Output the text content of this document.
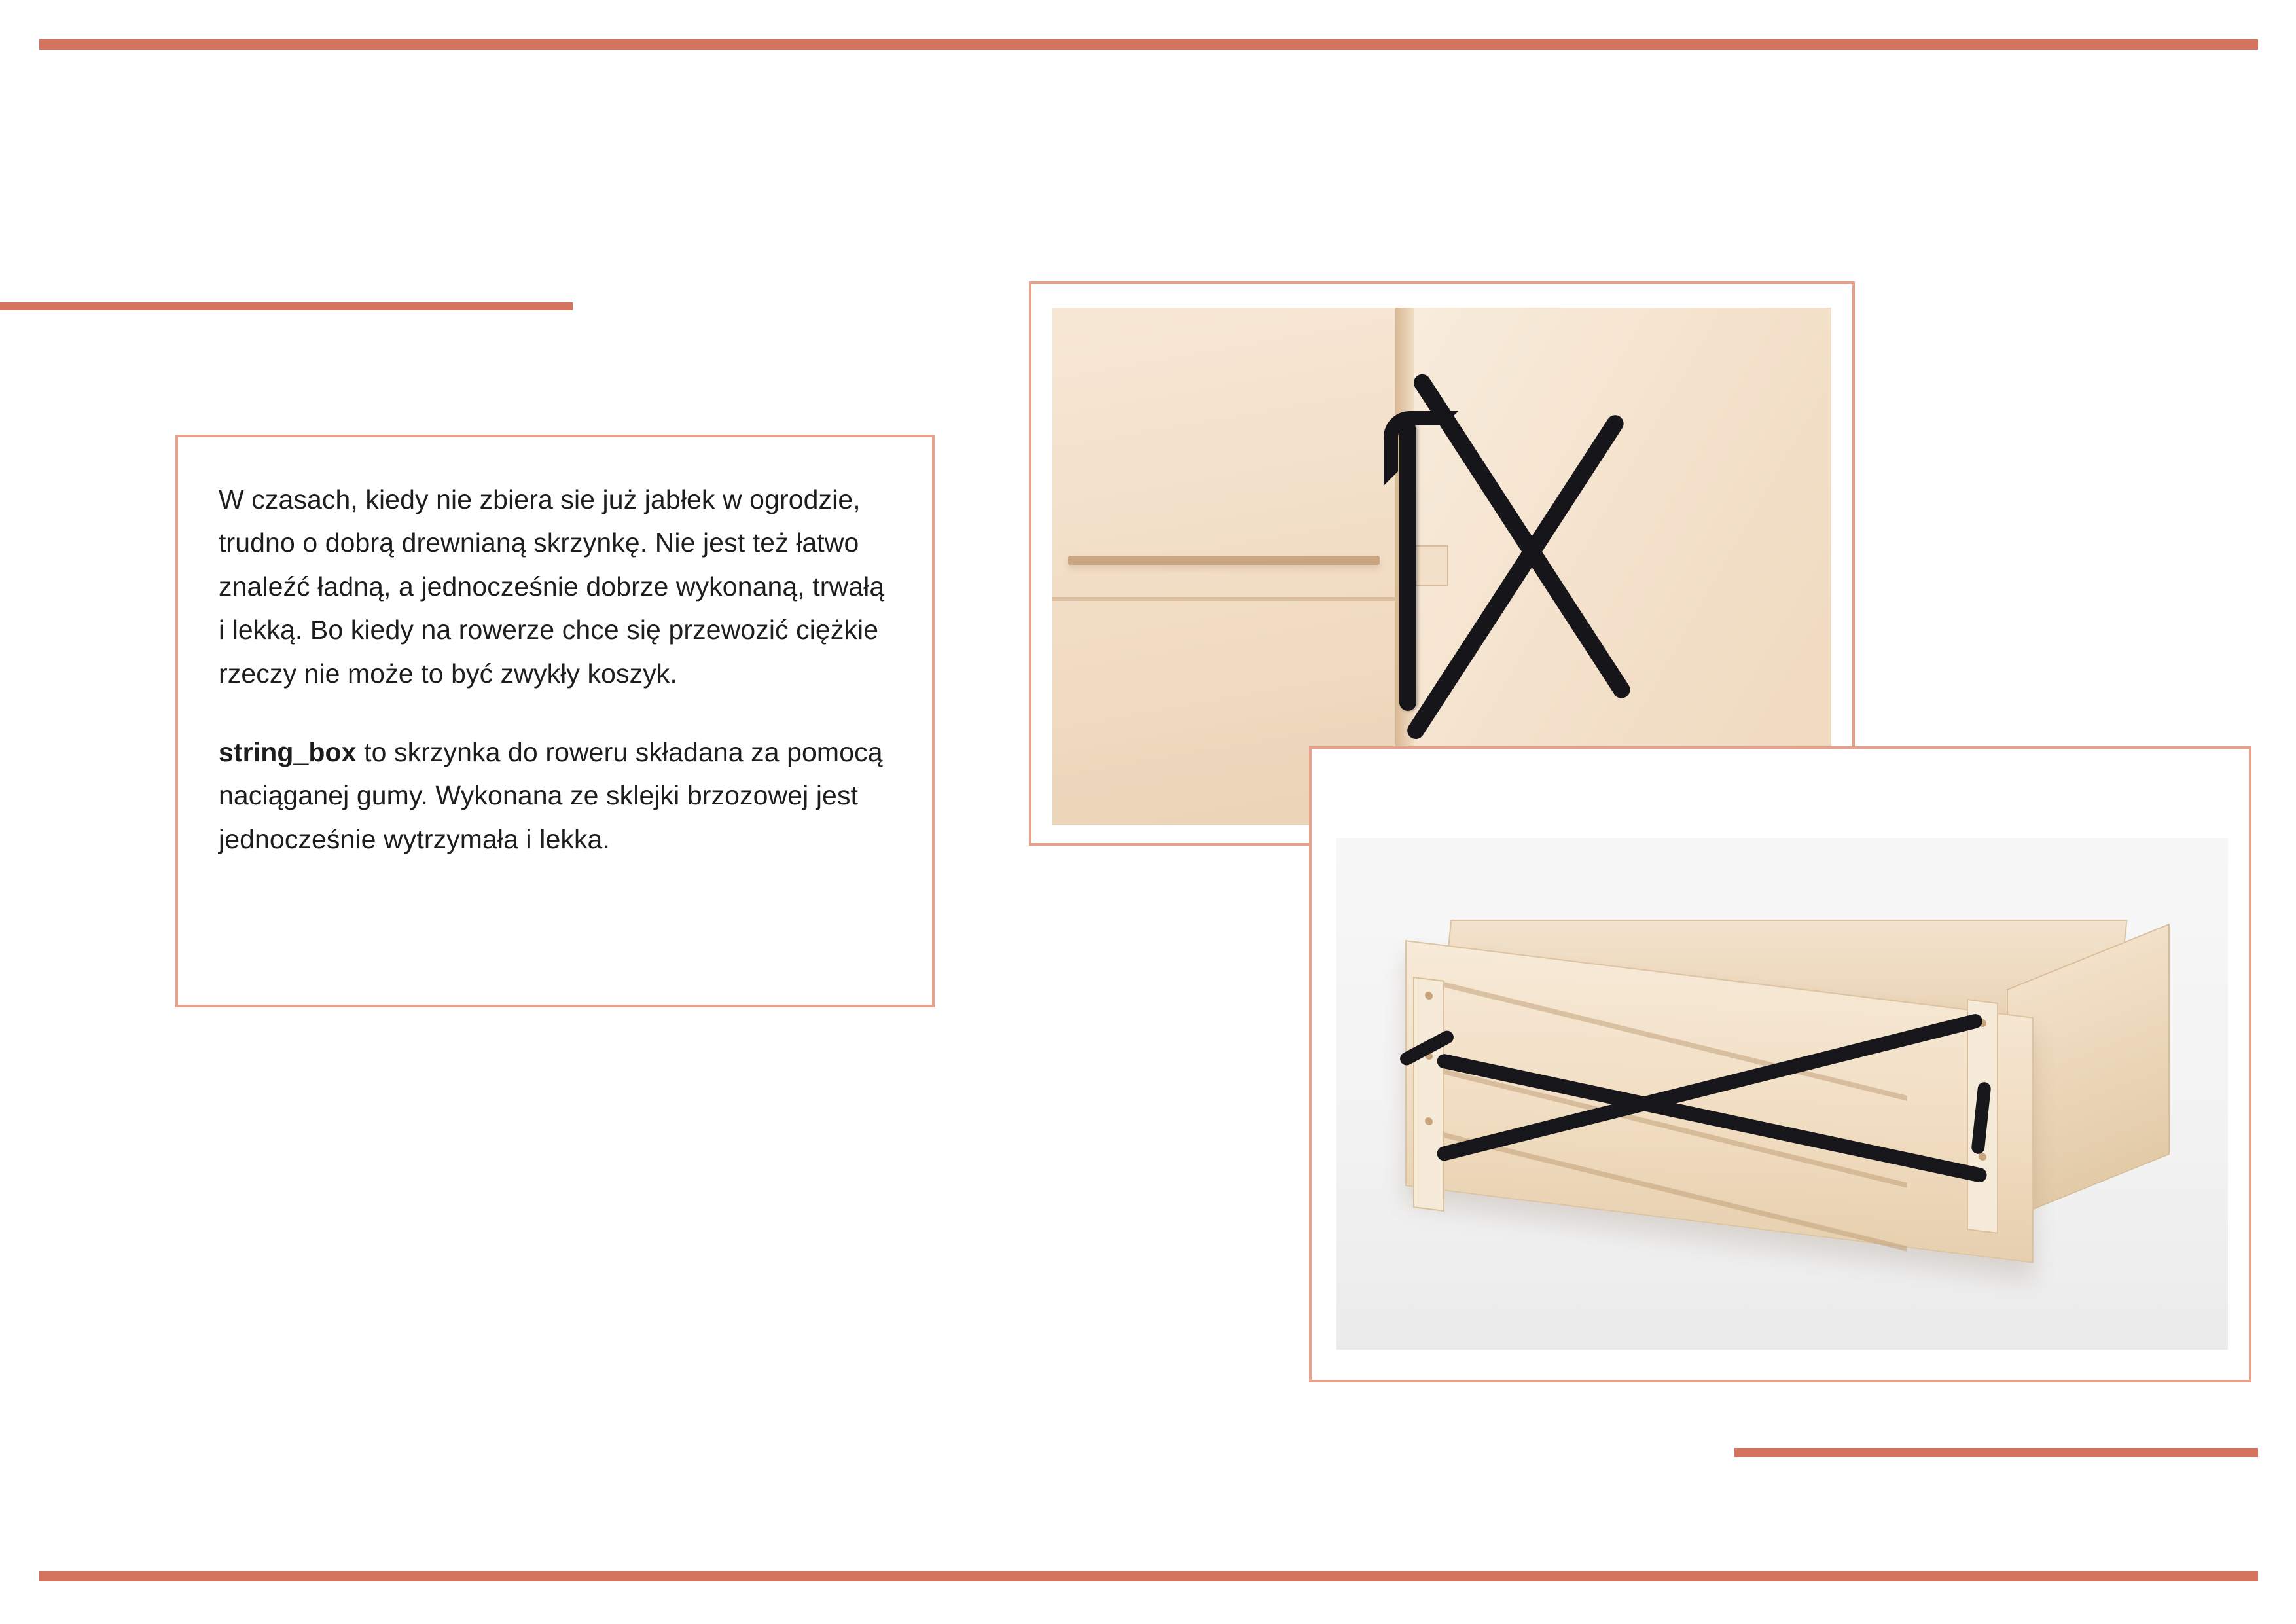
W czasach, kiedy nie zbiera sie już jabłek w ogrodzie, trudno o dobrą drewnianą skrzynkę. Nie jest też łatwo znaleźć ładną, a jednocześnie dobrze wykonaną, trwałą i lekką. Bo kiedy na rowerze chce się przewozić ciężkie rzeczy nie może to być zwykły koszyk.

string_box to skrzynka do roweru składana za pomocą naciąganej gumy. Wykonana ze sklejki brzozowej jest jednocześnie wytrzymała i lekka.
